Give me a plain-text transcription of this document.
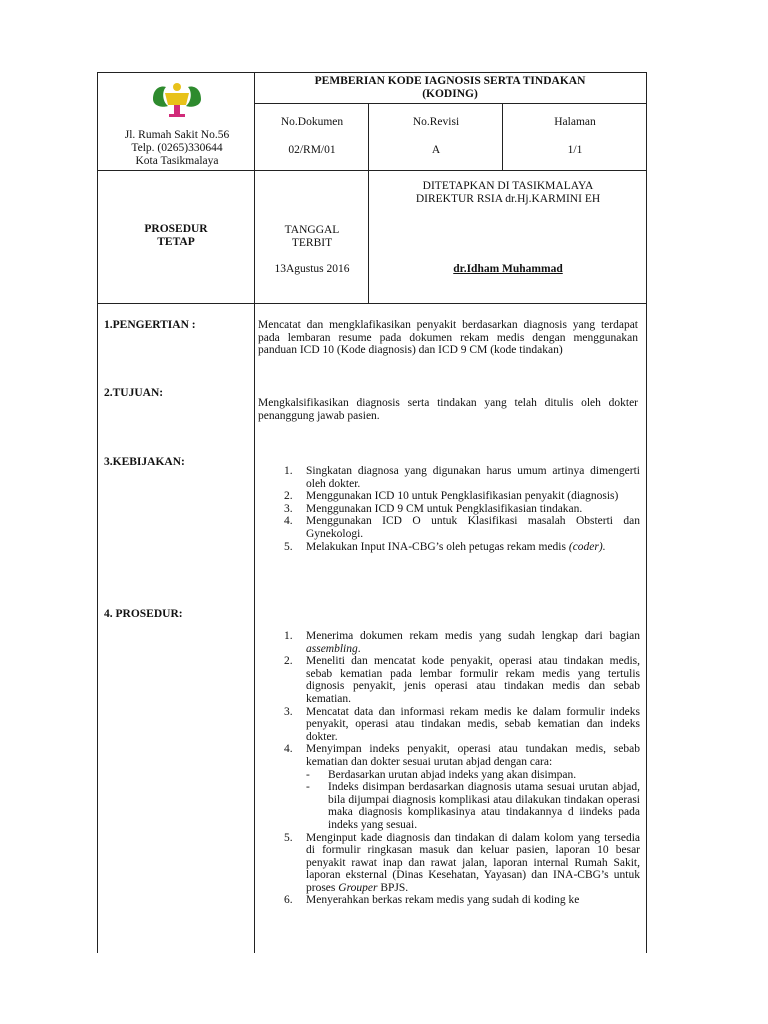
Jl. Rumah Sakit No.56
Telp. (0265)330644
Kota Tasikmalaya
PEMBERIAN KODE IAGNOSIS SERTA TINDAKAN
(KODING)
No.Dokumen
02/RM/01
No.Revisi
A
Halaman
1/1
PROSEDUR
TETAP
TANGGAL
TERBIT
13Agustus 2016
DITETAPKAN DI TASIKMALAYA
DIREKTUR RSIA dr.Hj.KARMINI EH
dr.Idham Muhammad
1.PENGERTIAN :	Mencatat dan mengklafikasikan penyakit berdasarkan diagnosis yang terdapat pada lembaran resume pada dokumen rekam medis dengan menggunakan panduan ICD 10 (Kode diagnosis) dan ICD 9 CM (kode tindakan)
2.TUJUAN:
Mengkalsifikasikan diagnosis serta tindakan yang telah ditulis oleh dokter penanggung jawab pasien.
3.KEBIJAKAN:
1. Singkatan diagnosa yang digunakan harus umum artinya dimengerti oleh dokter.
2. Menggunakan ICD 10 untuk Pengklasifikasian penyakit (diagnosis)
3. Menggunakan ICD 9 CM untuk Pengklasifikasian tindakan.
4. Menggunakan ICD O untuk Klasifikasi masalah Obsterti dan Gynekologi.
5. Melakukan Input INA-CBG’s oleh petugas rekam medis (coder).
4. PROSEDUR:
1. Menerima dokumen rekam medis yang sudah lengkap dari bagian assembling.
2. Meneliti dan mencatat kode penyakit, operasi atau tindakan medis, sebab kematian pada lembar formulir rekam medis yang tertulis dignosis penyakit, jenis operasi atau tindakan medis dan sebab kematian.
3. Mencatat data dan informasi rekam medis ke dalam formulir indeks penyakit, operasi atau tindakan medis, sebab kematian dan indeks dokter.
4. Menyimpan indeks penyakit, operasi atau tundakan medis, sebab kematian dan dokter sesuai urutan abjad dengan cara:
- Berdasarkan urutan abjad indeks yang akan disimpan.
- Indeks disimpan berdasarkan diagnosis utama sesuai urutan abjad, bila dijumpai diagnosis komplikasi atau dilakukan tindakan operasi maka diagnosis komplikasinya atau tindakannya d iindeks pada indeks yang sesuai.
5. Menginput kade diagnosis dan tindakan di dalam kolom yang tersedia di formulir ringkasan masuk dan keluar pasien, laporan 10 besar penyakit rawat inap dan rawat jalan, laporan internal Rumah Sakit, laporan eksternal (Dinas Kesehatan, Yayasan) dan INA-CBG’s untuk proses Grouper BPJS.
6. Menyerahkan berkas rekam medis yang sudah di koding ke
